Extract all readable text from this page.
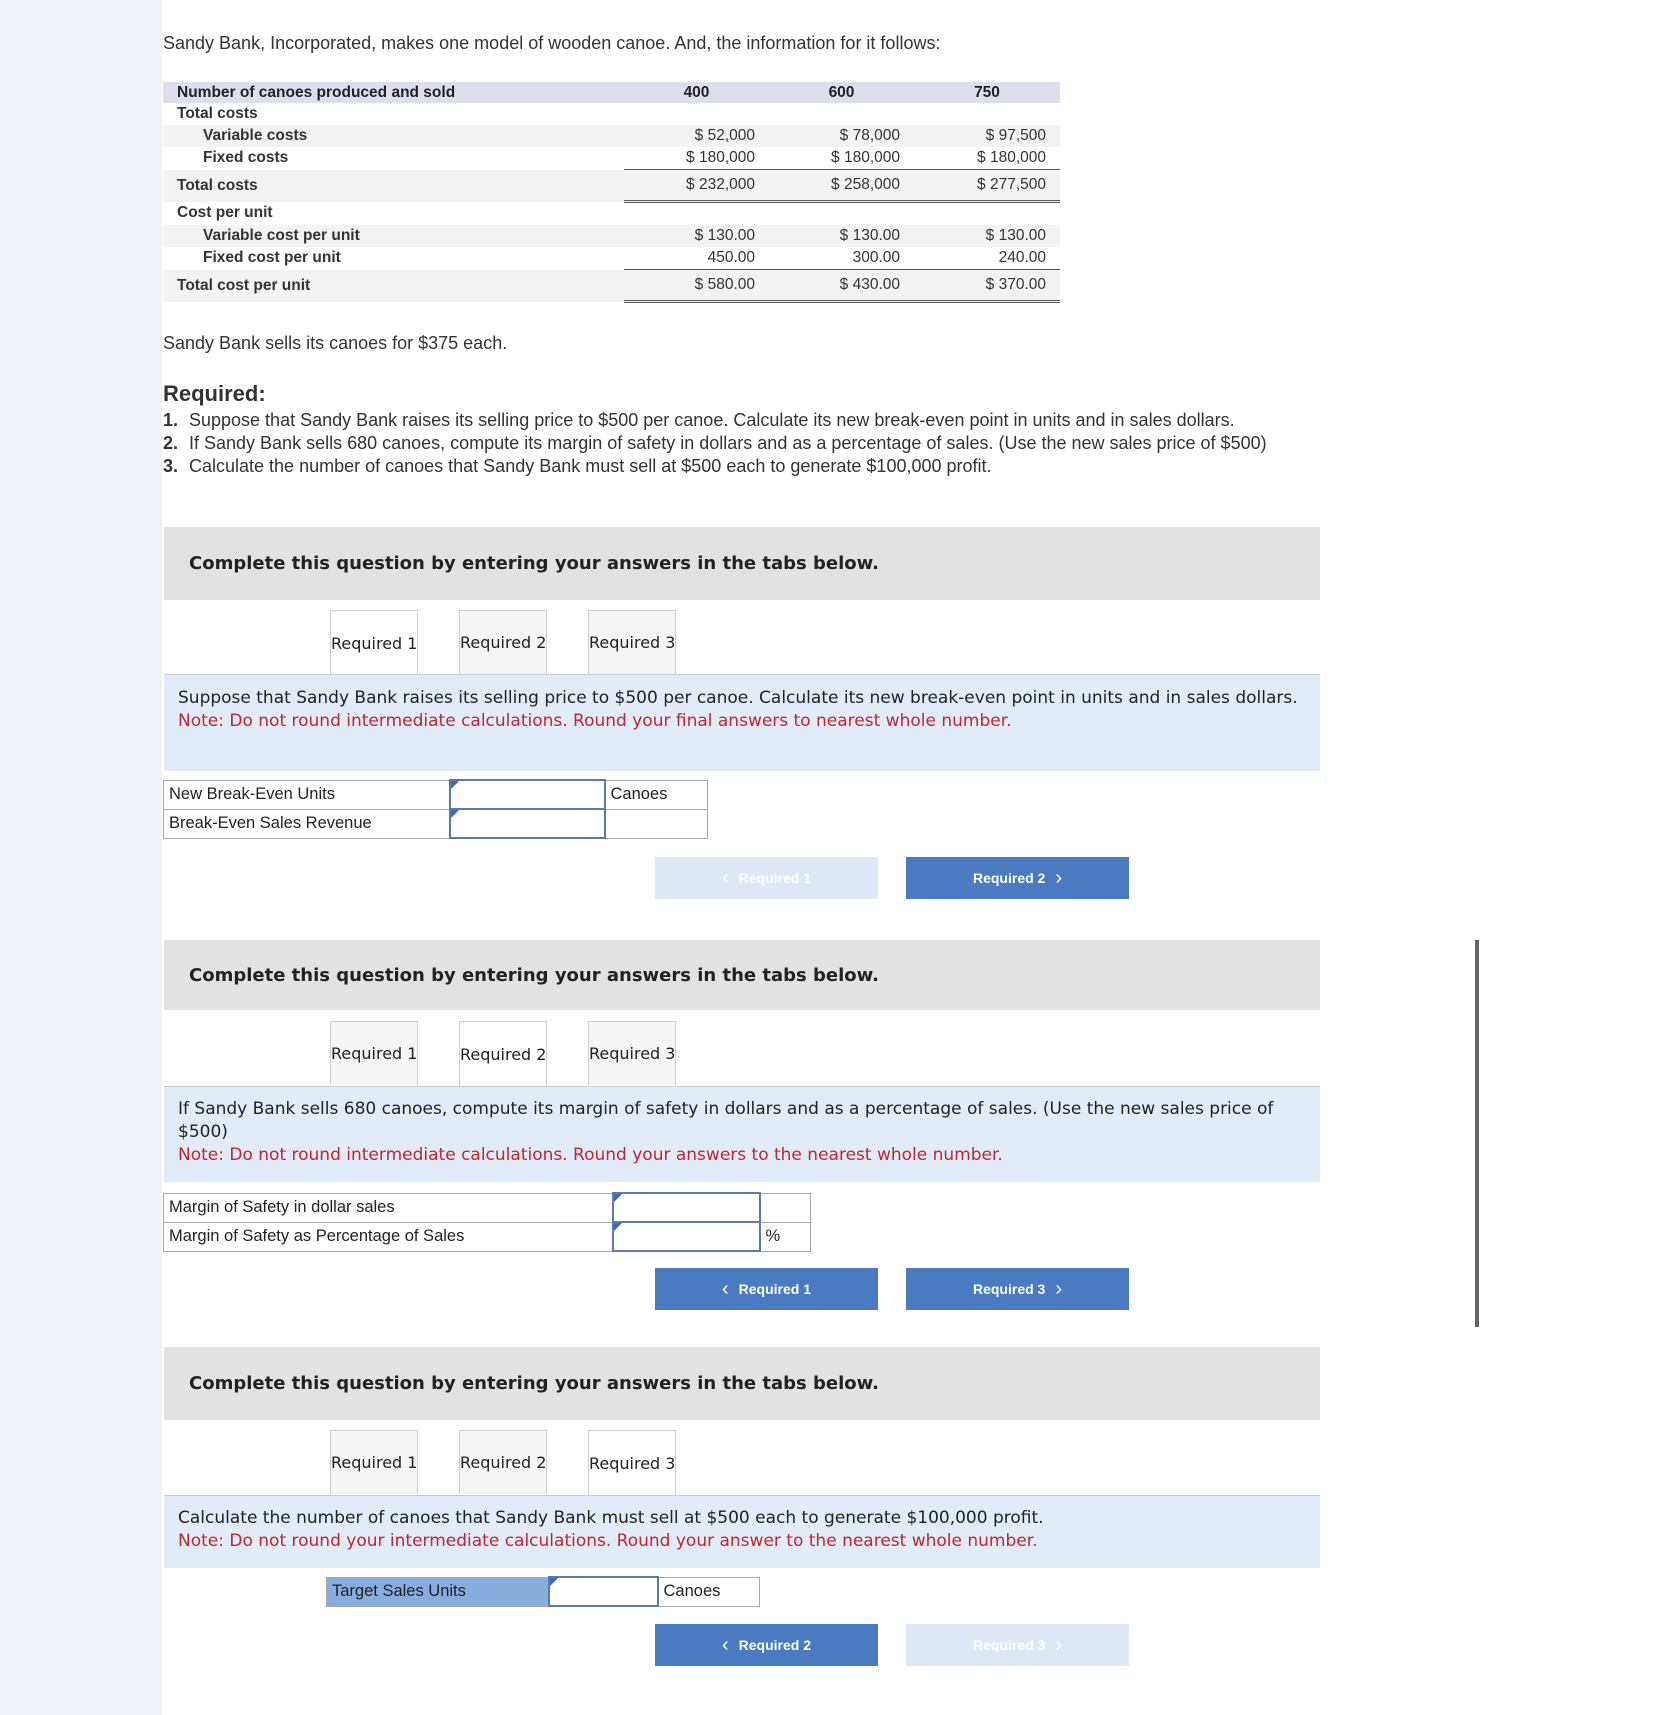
Sandy Bank, Incorporated, makes one model of wooden canoe. And, the information for it follows:
Number of canoes produced and sold	400	600	750
Total costs			
Variable costs	$ 52,000	$ 78,000	$ 97,500
Fixed costs	$ 180,000	$ 180,000	$ 180,000
Total costs	$ 232,000	$ 258,000	$ 277,500
Cost per unit			
Variable cost per unit	$ 130.00	$ 130.00	$ 130.00
Fixed cost per unit	450.00	300.00	240.00
Total cost per unit	$ 580.00	$ 430.00	$ 370.00
Sandy Bank sells its canoes for $375 each.
Required:
1. Suppose that Sandy Bank raises its selling price to $500 per canoe. Calculate its new break-even point in units and in sales dollars.
2. If Sandy Bank sells 680 canoes, compute its margin of safety in dollars and as a percentage of sales. (Use the new sales price of $500)
3. Calculate the number of canoes that Sandy Bank must sell at $500 each to generate $100,000 profit.
Complete this question by entering your answers in the tabs below.
Required 1	Required 2	Required 3
Suppose that Sandy Bank raises its selling price to $500 per canoe. Calculate its new break-even point in units and in sales dollars.
Note: Do not round intermediate calculations. Round your final answers to nearest whole number.
New Break-Even Units		Canoes
Break-Even Sales Revenue		
‹ Required 1	Required 2 ›
Complete this question by entering your answers in the tabs below.
Required 1	Required 2	Required 3
If Sandy Bank sells 680 canoes, compute its margin of safety in dollars and as a percentage of sales. (Use the new sales price of $500)
Note: Do not round intermediate calculations. Round your answers to the nearest whole number.
Margin of Safety in dollar sales		
Margin of Safety as Percentage of Sales		%
‹ Required 1	Required 3 ›
Complete this question by entering your answers in the tabs below.
Required 1	Required 2	Required 3
Calculate the number of canoes that Sandy Bank must sell at $500 each to generate $100,000 profit.
Note: Do not round your intermediate calculations. Round your answer to the nearest whole number.
Target Sales Units		Canoes
‹ Required 2	Required 3 ›
